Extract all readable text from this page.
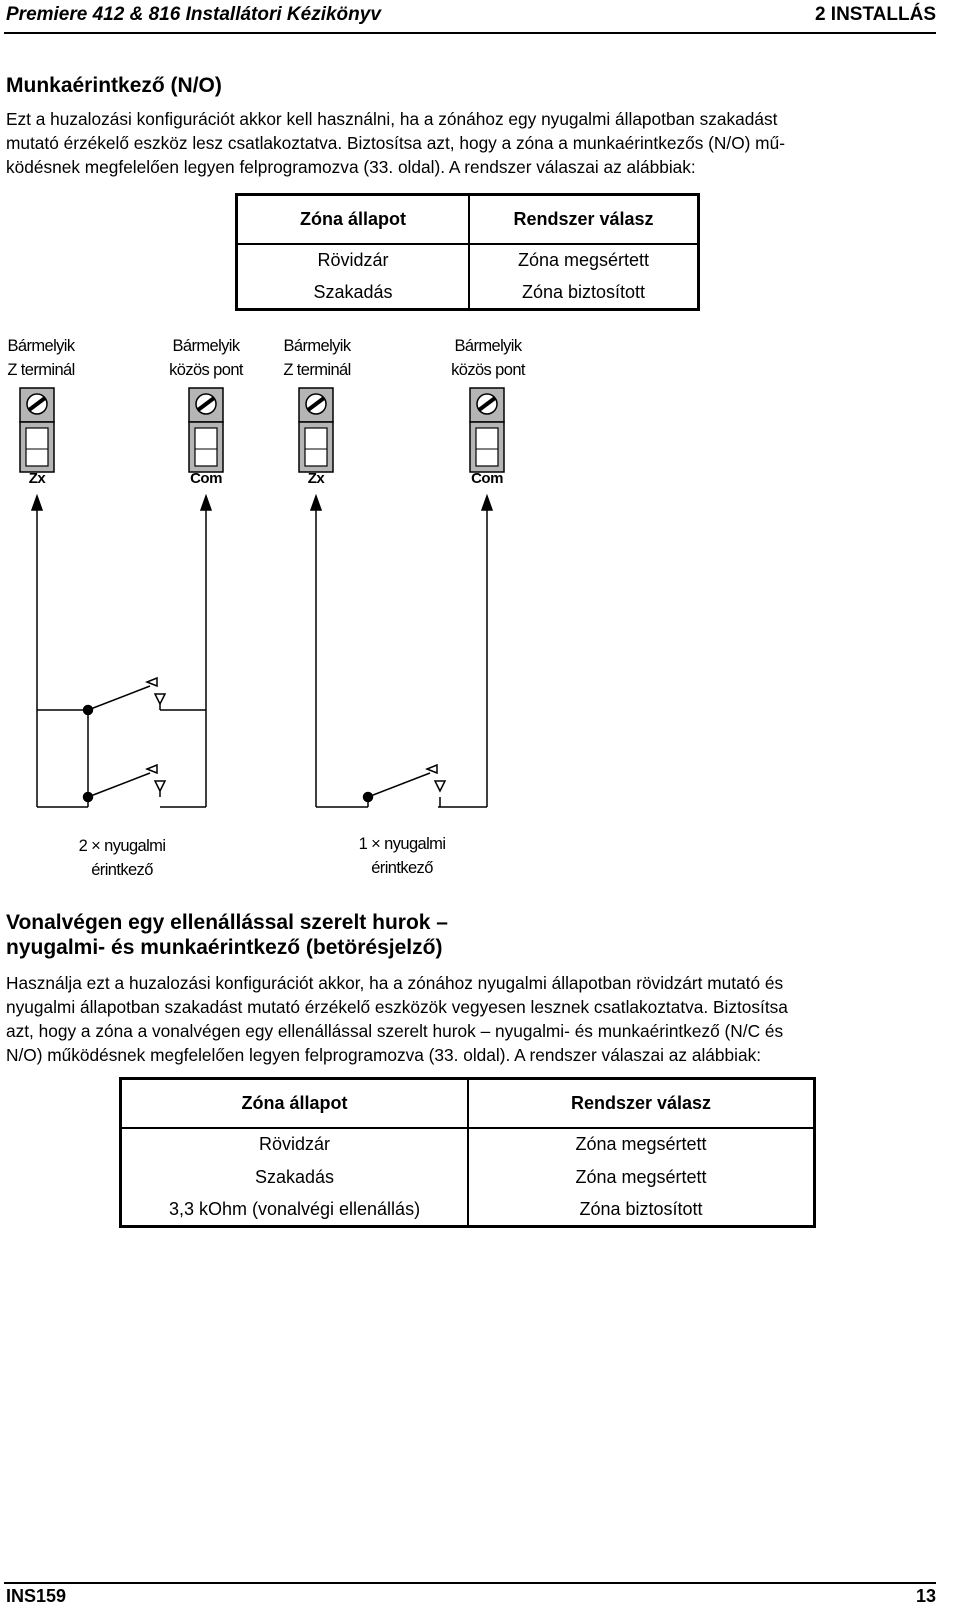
Premiere 412 & 816 Installátori Kézikönyv	2 INSTALLÁS
Munkaérintkező (N/O)
Ezt a huzalozási konfigurációt akkor kell használni, ha a zónához egy nyugalmi állapotban szakadást
mutató érzékelő eszköz lesz csatlakoztatva. Biztosítsa azt, hogy a zóna a munkaérintkezős (N/O) mű-
ködésnek megfelelően legyen felprogramozva (33. oldal). A rendszer válaszai az alábbiak:
Zóna állapot	Rendszer válasz
Rövidzár	Zóna megsértett
Szakadás	Zóna biztosított
Bármelyik
Z terminál
Bármelyik
közös pont
Bármelyik
Z terminál
Bármelyik
közös pont
Zx	Com	Zx	Com
2 × nyugalmi
érintkező
1 × nyugalmi
érintkező
Vonalvégen egy ellenállással szerelt hurok –
nyugalmi- és munkaérintkező (betörésjelző)
Használja ezt a huzalozási konfigurációt akkor, ha a zónához nyugalmi állapotban rövidzárt mutató és
nyugalmi állapotban szakadást mutató érzékelő eszközök vegyesen lesznek csatlakoztatva. Biztosítsa
azt, hogy a zóna a vonalvégen egy ellenállással szerelt hurok – nyugalmi- és munkaérintkező (N/C és
N/O) működésnek megfelelően legyen felprogramozva (33. oldal). A rendszer válaszai az alábbiak:
Zóna állapot	Rendszer válasz
Rövidzár	Zóna megsértett
Szakadás	Zóna megsértett
3,3 kOhm (vonalvégi ellenállás)	Zóna biztosított
INS159	13
